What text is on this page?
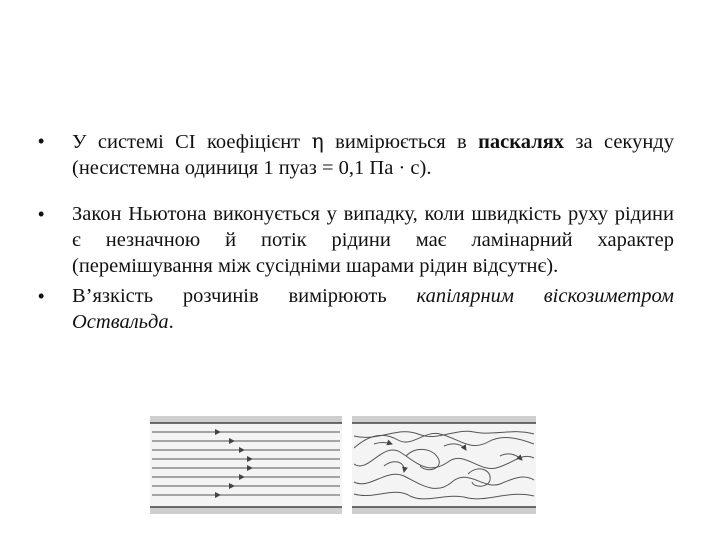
• У системі СІ коефіцієнт η вимірюється в паскалях за секунду (несистемна одиниця 1 пуаз = 0,1 Па · с).
• Закон Ньютона виконується у випадку, коли швидкість руху рідини є незначною й потік рідини має ламінарний характер (перемішування між сусідніми шарами рідин відсутнє).
• В’язкість розчинів вимірюють капілярним віскозиметром Оствальда.
